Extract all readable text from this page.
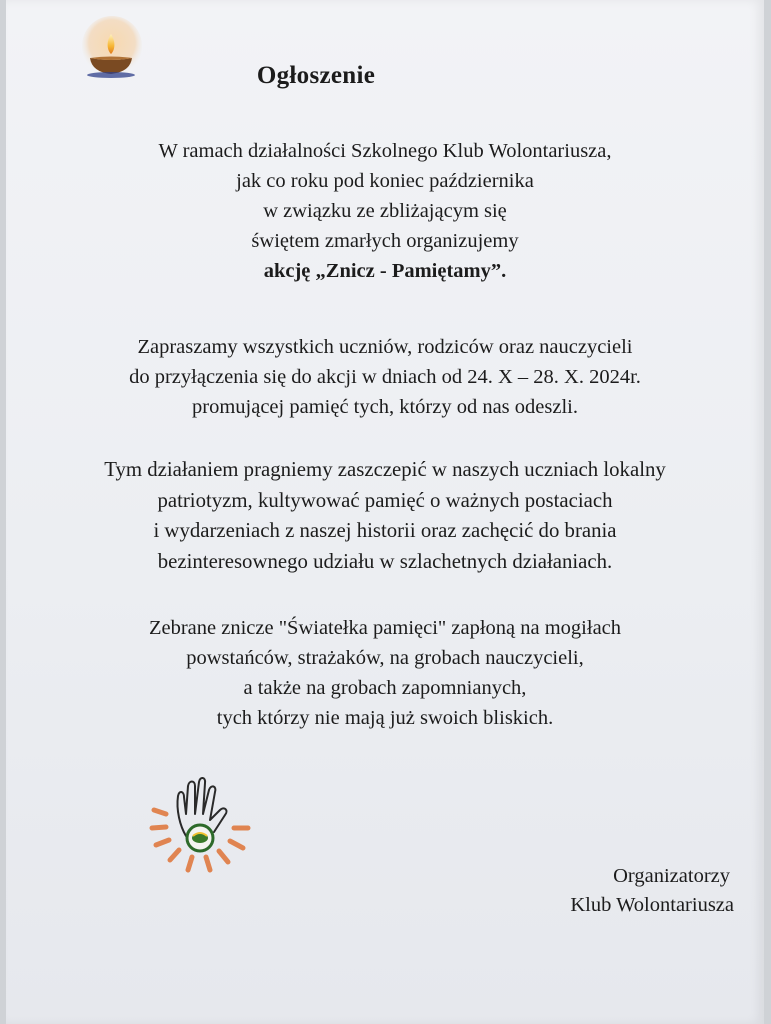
Ogłoszenie

W ramach działalności Szkolnego Klub Wolontariusza,
jak co roku pod koniec października
w związku ze zbliżającym się
świętem zmarłych organizujemy
akcję „Znicz - Pamiętamy”.

Zapraszamy wszystkich uczniów, rodziców oraz nauczycieli
do przyłączenia się do akcji w dniach od 24. X – 28. X. 2024r.
promującej pamięć tych, którzy od nas odeszli.

Tym działaniem pragniemy zaszczepić w naszych uczniach lokalny
patriotyzm, kultywować pamięć o ważnych postaciach
i wydarzeniach z naszej historii oraz zachęcić do brania
bezinteresownego udziału w szlachetnych działaniach.

Zebrane znicze "Światełka pamięci" zapłoną na mogiłach
powstańców, strażaków, na grobach nauczycieli,
a także na grobach zapomnianych,
tych którzy nie mają już swoich bliskich.

Organizatorzy
Klub Wolontariusza
